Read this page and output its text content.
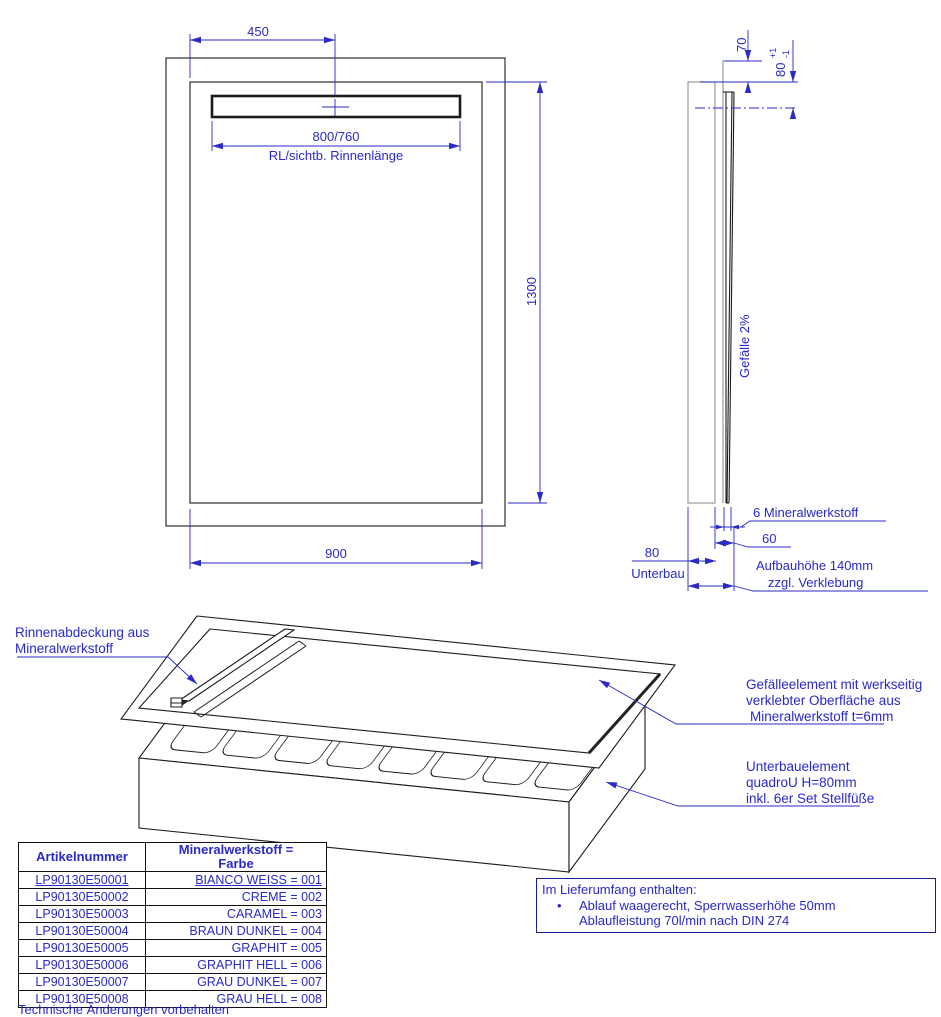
450
800/760
RL/sichtb. Rinnenlänge
1300
900
70
80
+1 -1
Gefälle 2%
6 Mineralwerkstoff
60
80
Unterbau
Aufbauhöhe 140mm
zzgl. Verklebung
Rinnenabdeckung aus
Mineralwerkstoff
Gefälleelement mit werkseitig
verklebter Oberfläche aus
Mineralwerkstoff t=6mm
Unterbauelement
quadroU H=80mm
inkl. 6er Set Stellfüße
Artikelnummer	Mineralwerkstoff =
Farbe

LP90130E50001	BIANCO WEISS = 001
LP90130E50002	CREME = 002
LP90130E50003	CARAMEL = 003
LP90130E50004	BRAUN DUNKEL = 004
LP90130E50005	GRAPHIT = 005
LP90130E50006	GRAPHIT HELL = 006
LP90130E50007	GRAU DUNKEL = 007
LP90130E50008	GRAU HELL = 008
Im Lieferumfang enthalten:
• Ablauf waagerecht, Sperrwasserhöhe 50mm
Ablaufleistung 70l/min nach DIN 274
Technische Änderungen vorbehalten
